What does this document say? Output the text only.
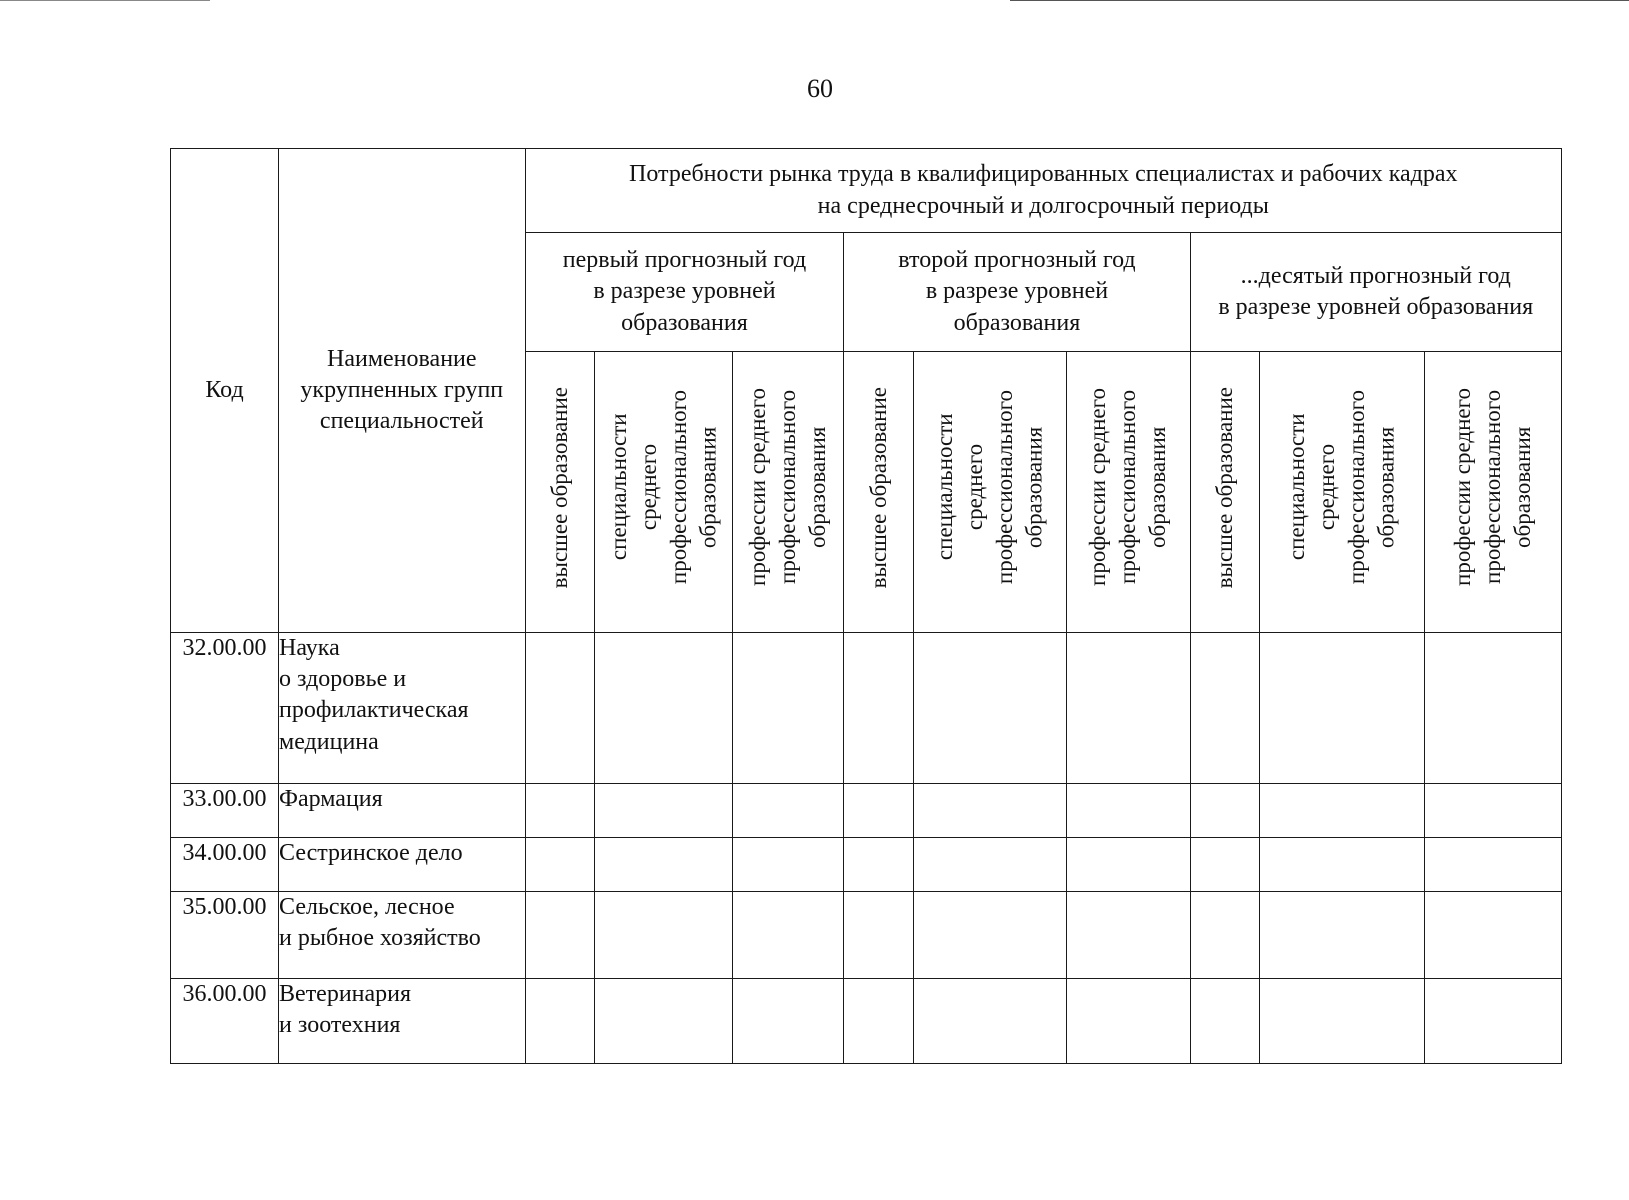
60
Код	Наименование
укрупненных групп
специальностей	Потребности рынка труда в квалифицированных специалистах и рабочих кадрах
на среднесрочный и долгосрочный периоды								

		первый прогнозный год
в разрезе уровней
образования			второй прогнозный год
в разрезе уровней
образования			...десятый прогнозный год
в разрезе уровней образования		

		высшее образование	специальности среднего профессионального образования	профессии среднего профессионального образования	высшее образование	специальности среднего профессионального образования	профессии среднего профессионального образования	высшее образование	специальности среднего профессионального образования	профессии среднего профессионального образования

32.00.00	Наука
о здоровье и
профилактическая
медицина									

33.00.00	Фармация									

34.00.00	Сестринское дело									

35.00.00	Сельское, лесное
и рыбное хозяйство									

36.00.00	Ветеринария
и зоотехния									
